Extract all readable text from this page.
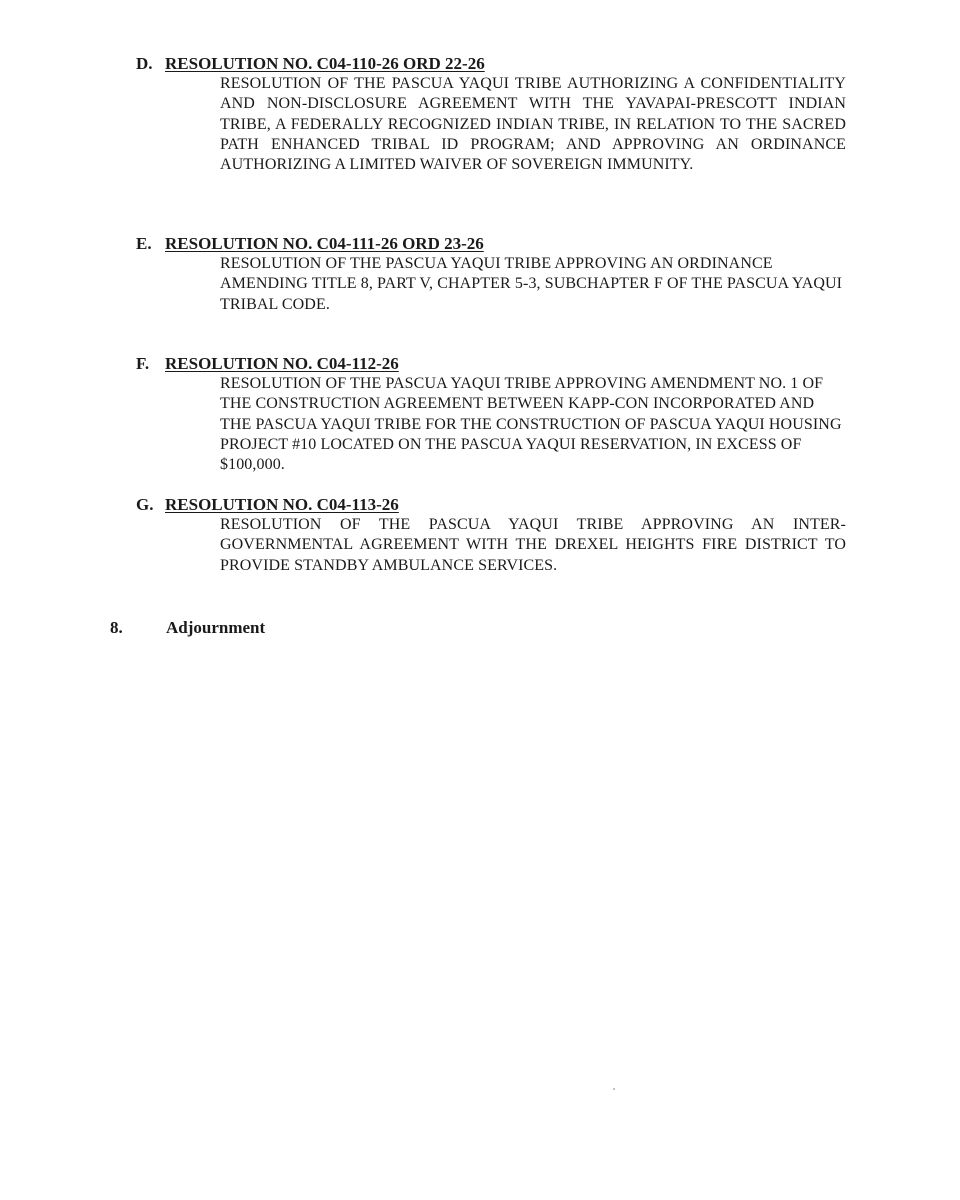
D. RESOLUTION NO. C04-110-26 ORD 22-26
RESOLUTION OF THE PASCUA YAQUI TRIBE AUTHORIZING A CONFIDENTIALITY AND NON-DISCLOSURE AGREEMENT WITH THE YAVAPAI-PRESCOTT INDIAN TRIBE, A FEDERALLY RECOGNIZED INDIAN TRIBE, IN RELATION TO THE SACRED PATH ENHANCED TRIBAL ID PROGRAM; AND APPROVING AN ORDINANCE AUTHORIZING A LIMITED WAIVER OF SOVEREIGN IMMUNITY.
E. RESOLUTION NO. C04-111-26 ORD 23-26
RESOLUTION OF THE PASCUA YAQUI TRIBE APPROVING AN ORDINANCE AMENDING TITLE 8, PART V, CHAPTER 5-3, SUBCHAPTER F OF THE PASCUA YAQUI TRIBAL CODE.
F. RESOLUTION NO. C04-112-26
RESOLUTION OF THE PASCUA YAQUI TRIBE APPROVING AMENDMENT NO. 1 OF THE CONSTRUCTION AGREEMENT BETWEEN KAPP-CON INCORPORATED AND THE PASCUA YAQUI TRIBE FOR THE CONSTRUCTION OF PASCUA YAQUI HOUSING PROJECT #10 LOCATED ON THE PASCUA YAQUI RESERVATION, IN EXCESS OF $100,000.
G. RESOLUTION NO. C04-113-26
RESOLUTION OF THE PASCUA YAQUI TRIBE APPROVING AN INTER-GOVERNMENTAL AGREEMENT WITH THE DREXEL HEIGHTS FIRE DISTRICT TO PROVIDE STANDBY AMBULANCE SERVICES.
8.	Adjournment
